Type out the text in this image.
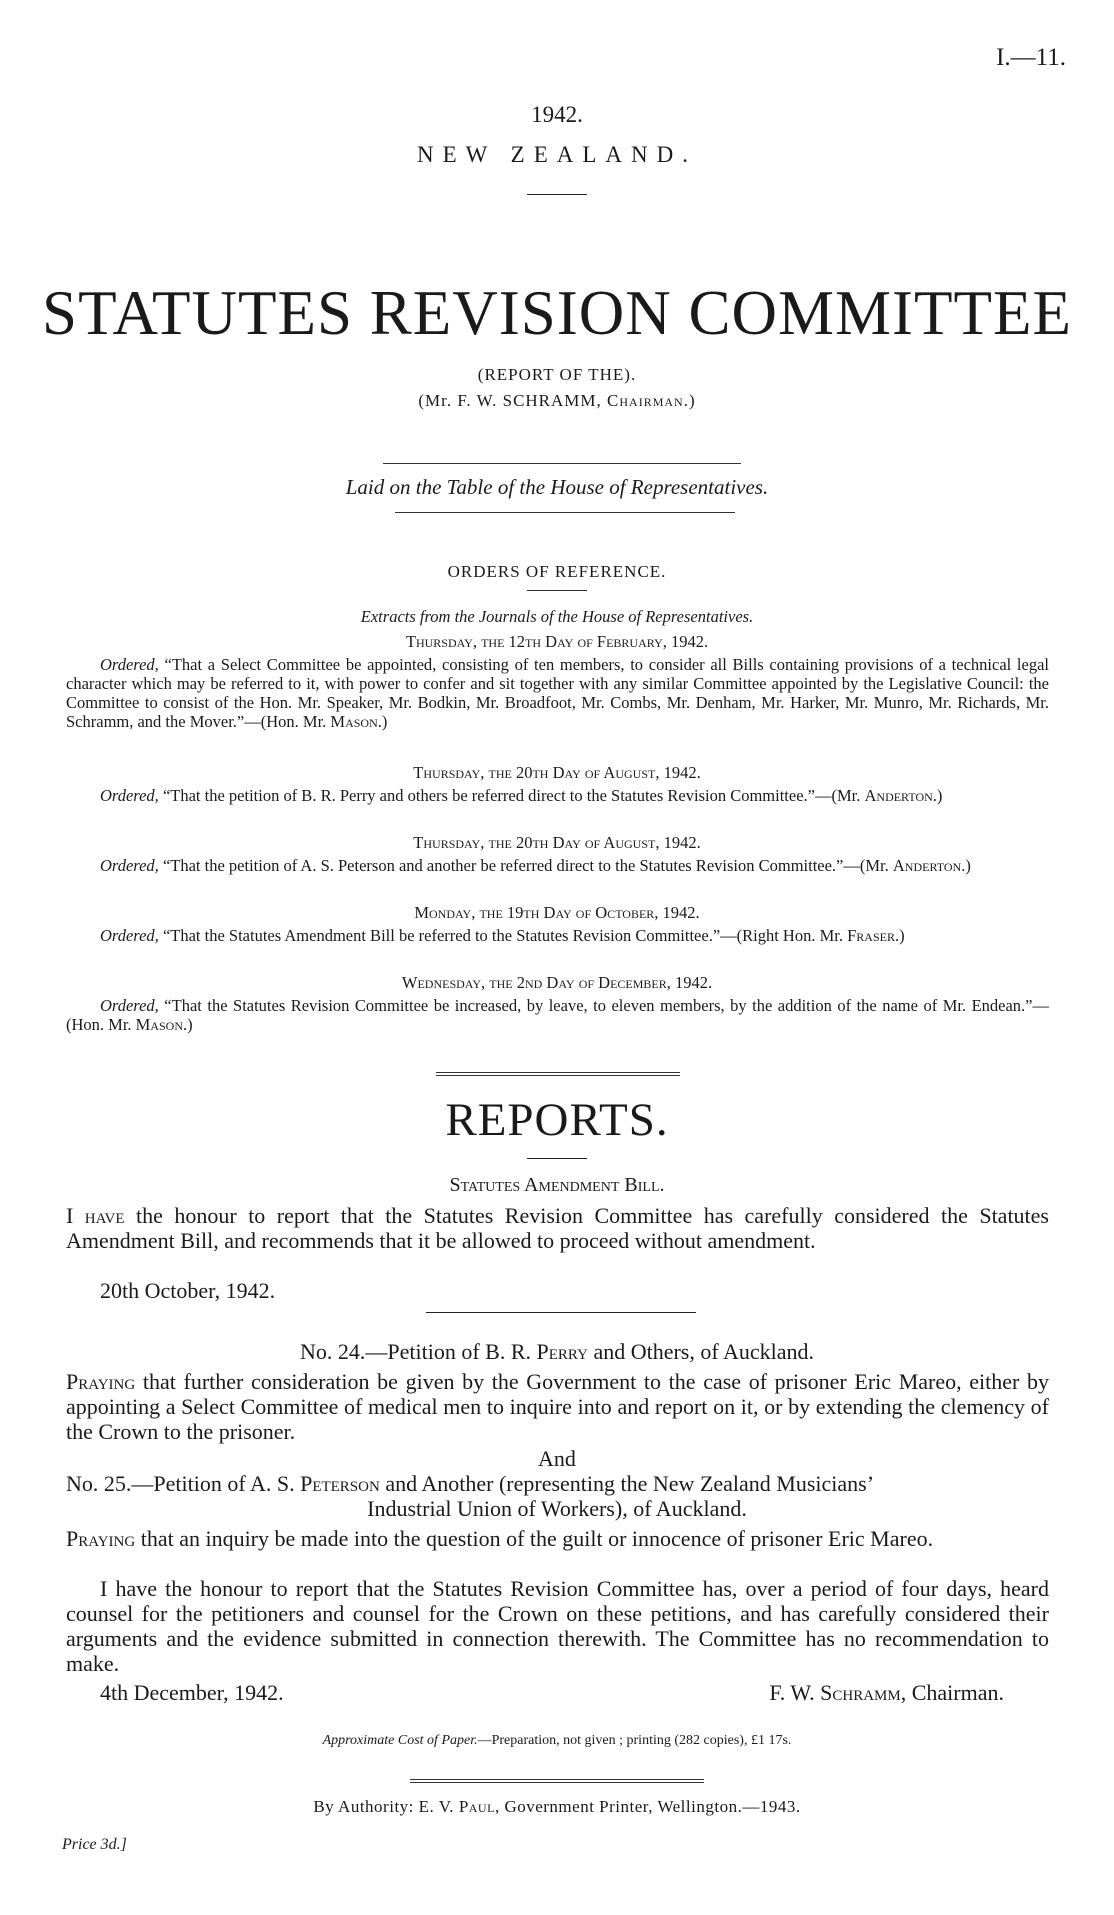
I.—11.
1942.
NEW ZEALAND.
STATUTES REVISION COMMITTEE
(REPORT OF THE).
(Mr. F. W. SCHRAMM, Chairman.)
Laid on the Table of the House of Representatives.
ORDERS OF REFERENCE.
Extracts from the Journals of the House of Representatives.
Thursday, the 12th Day of February, 1942.
Ordered, “That a Select Committee be appointed, consisting of ten members, to consider all Bills containing provisions of a technical legal character which may be referred to it, with power to confer and sit together with any similar Committee appointed by the Legislative Council: the Committee to consist of the Hon. Mr. Speaker, Mr. Bodkin, Mr. Broadfoot, Mr. Combs, Mr. Denham, Mr. Harker, Mr. Munro, Mr. Richards, Mr. Schramm, and the Mover.”—(Hon. Mr. Mason.)
Thursday, the 20th Day of August, 1942.
Ordered, “That the petition of B. R. Perry and others be referred direct to the Statutes Revision Committee.”—(Mr. Anderton.)
Thursday, the 20th Day of August, 1942.
Ordered, “That the petition of A. S. Peterson and another be referred direct to the Statutes Revision Committee.”—(Mr. Anderton.)
Monday, the 19th Day of October, 1942.
Ordered, “That the Statutes Amendment Bill be referred to the Statutes Revision Committee.”—(Right Hon. Mr. Fraser.)
Wednesday, the 2nd Day of December, 1942.
Ordered, “That the Statutes Revision Committee be increased, by leave, to eleven members, by the addition of the name of Mr. Endean.”—(Hon. Mr. Mason.)
REPORTS.
Statutes Amendment Bill.
I have the honour to report that the Statutes Revision Committee has carefully considered the Statutes Amendment Bill, and recommends that it be allowed to proceed without amendment.
20th October, 1942.
No. 24.—Petition of B. R. Perry and Others, of Auckland.
Praying that further consideration be given by the Government to the case of prisoner Eric Mareo, either by appointing a Select Committee of medical men to inquire into and report on it, or by extending the clemency of the Crown to the prisoner.
And
No. 25.—Petition of A. S. Peterson and Another (representing the New Zealand Musicians’
Industrial Union of Workers), of Auckland.
Praying that an inquiry be made into the question of the guilt or innocence of prisoner Eric Mareo.
I have the honour to report that the Statutes Revision Committee has, over a period of four days, heard counsel for the petitioners and counsel for the Crown on these petitions, and has carefully considered their arguments and the evidence submitted in connection therewith. The Committee has no recommendation to make.
4th December, 1942.	F. W. Schramm, Chairman.
Approximate Cost of Paper.—Preparation, not given ; printing (282 copies), £1 17s.
By Authority: E. V. Paul, Government Printer, Wellington.—1943.
Price 3d.]
